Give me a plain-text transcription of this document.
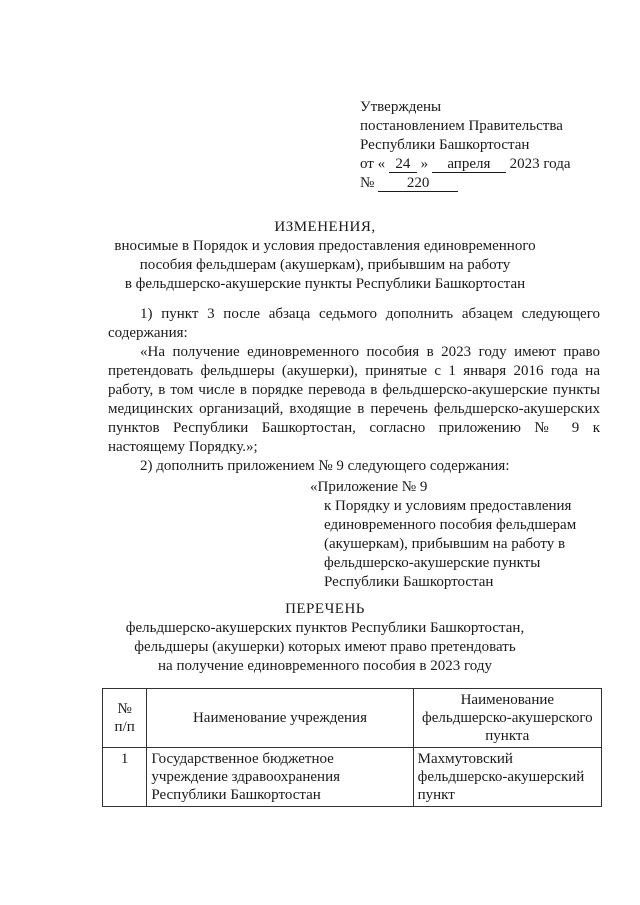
Утверждены
постановлением Правительства
Республики Башкортостан
от « 24 » апреля 2023 года
№ 220
ИЗМЕНЕНИЯ,
вносимые в Порядок и условия предоставления единовременного
пособия фельдшерам (акушеркам), прибывшим на работу
в фельдшерско-акушерские пункты Республики Башкортостан

1) пункт 3 после абзаца седьмого дополнить абзацем следующего содержания:

«На получение единовременного пособия в 2023 году имеют право претендовать фельдшеры (акушерки), принятые с 1 января 2016 года на работу, в том числе в порядке перевода в фельдшерско-акушерские пункты медицинских организаций, входящие в перечень фельдшерско-акушерских пунктов Республики Башкортостан, согласно приложению № 9 к настоящему Порядку.»;

2) дополнить приложением № 9 следующего содержания:

«Приложение № 9
к Порядку и условиям предоставления
единовременного пособия фельдшерам
(акушеркам), прибывшим на работу в
фельдшерско-акушерские пункты
Республики Башкортостан
ПЕРЕЧЕНЬ
фельдшерско-акушерских пунктов Республики Башкортостан,
фельдшеры (акушерки) которых имеют право претендовать
на получение единовременного пособия в 2023 году
№
п/п	Наименование учреждения	Наименование фельдшерско-акушерского пункта
1	Государственное бюджетное учреждение здравоохранения Республики Башкортостан	Махмутовский фельдшерско-акушерский пункт
